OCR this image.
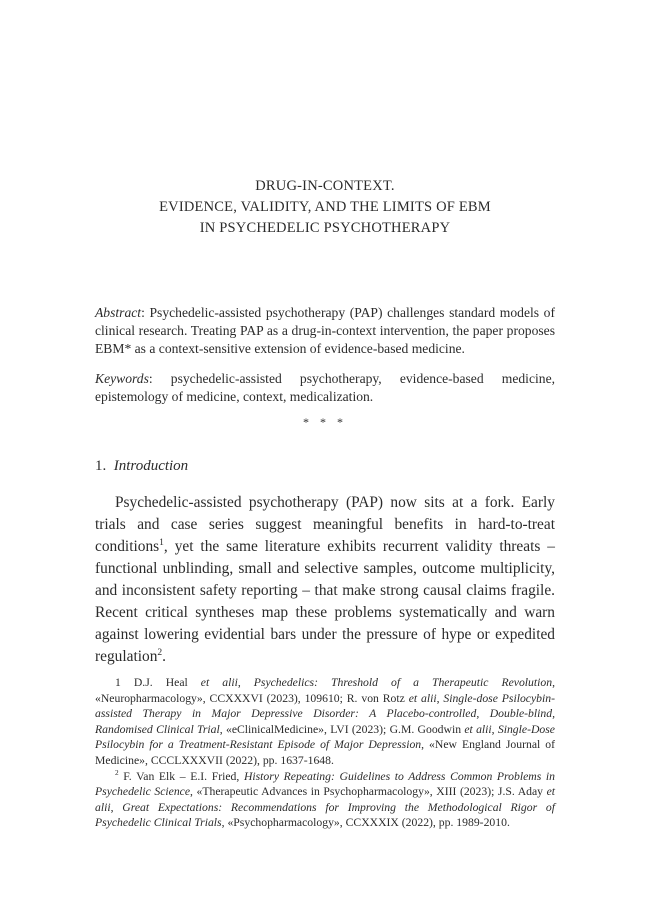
DRUG-IN-CONTEXT.
EVIDENCE, VALIDITY, AND THE LIMITS OF EBM
IN PSYCHEDELIC PSYCHOTHERAPY

Abstract: Psychedelic-assisted psychotherapy (PAP) challenges standard models of clinical research. Treating PAP as a drug-in-context intervention, the paper proposes EBM* as a context-sensitive extension of evidence-based medicine.

Keywords: psychedelic-assisted psychotherapy, evidence-based medicine, epistemology of medicine, context, medicalization.

* * *
1. Introduction

Psychedelic-assisted psychotherapy (PAP) now sits at a fork. Early trials and case series suggest meaningful benefits in hard-to-treat conditions$^1$, yet the same literature exhibits recurrent validity threats – functional unblinding, small and selective samples, outcome multiplicity, and inconsistent safety reporting – that make strong causal claims fragile. Recent critical syntheses map these problems systematically and warn against lowering evidential bars under the pressure of hype or expedited regulation$^2$.

1 D.J. Heal et alii, Psychedelics: Threshold of a Therapeutic Revolution, «Neuropharmacology», CCXXXVI (2023), 109610; R. von Rotz et alii, Single-dose Psilocybin-assisted Therapy in Major Depressive Disorder: A Placebo-controlled, Double-blind, Randomised Clinical Trial, «eClinicalMedicine», LVI (2023); G.M. Goodwin et alii, Single-Dose Psilocybin for a Treatment-Resistant Episode of Major Depression, «New England Journal of Medicine», CCCLXXXVII (2022), pp. 1637-1648.

$^2$ F. Van Elk – E.I. Fried, History Repeating: Guidelines to Address Common Problems in Psychedelic Science, «Therapeutic Advances in Psychopharmacology», XIII (2023); J.S. Aday et alii, Great Expectations: Recommendations for Improving the Methodological Rigor of Psychedelic Clinical Trials, «Psychopharmacology», CCXXXIX (2022), pp. 1989-2010.
